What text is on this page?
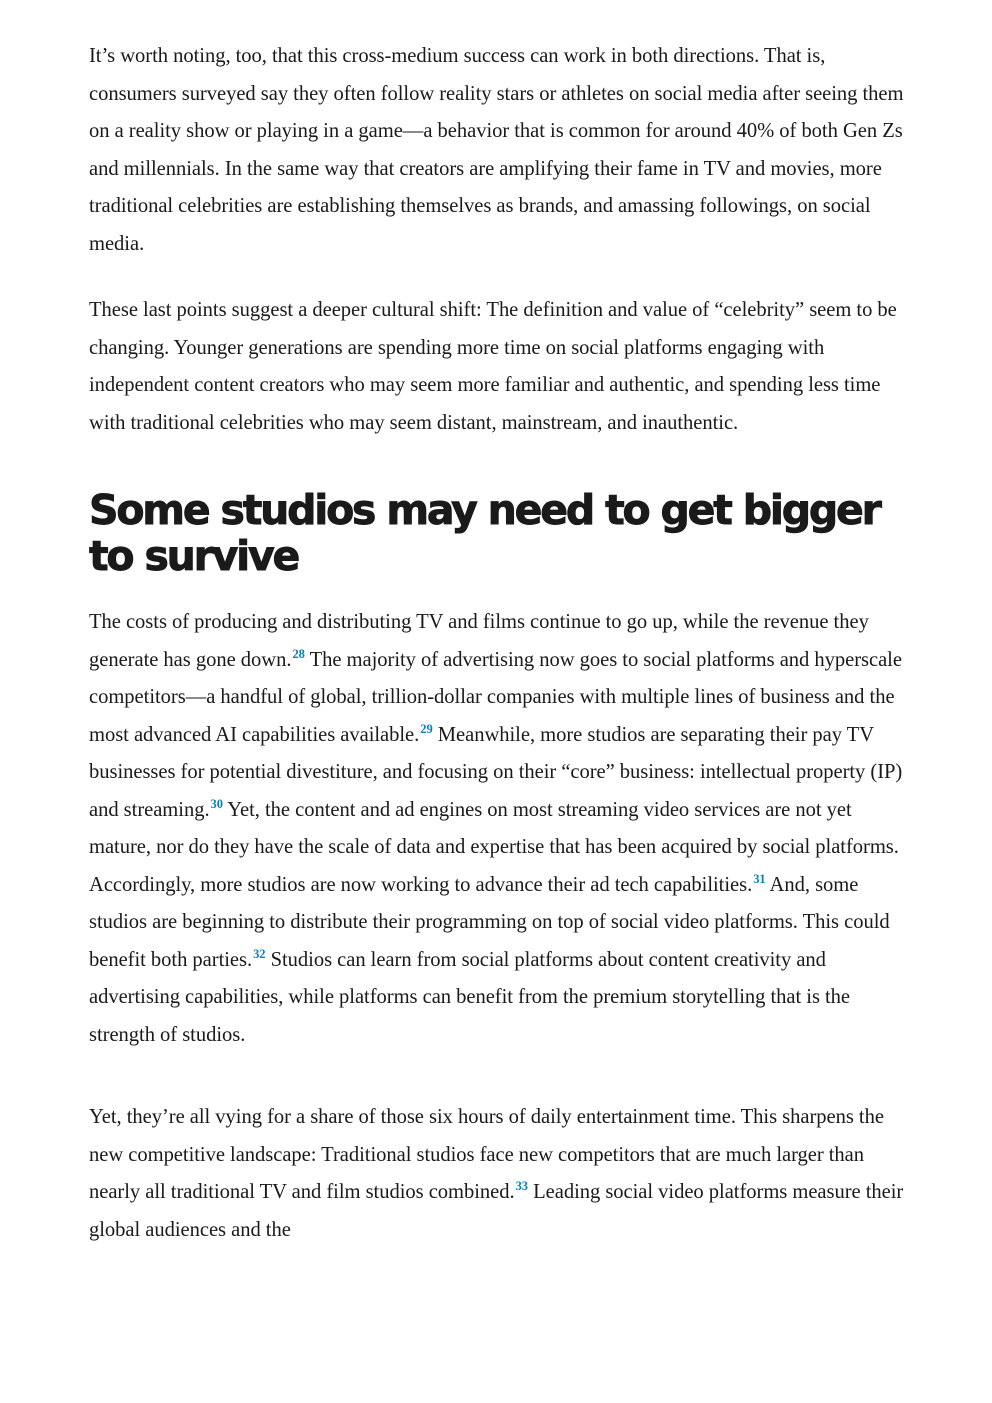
It’s worth noting, too, that this cross-medium success can work in both directions. That is, consumers surveyed say they often follow reality stars or athletes on social media after seeing them on a reality show or playing in a game—a behavior that is common for around 40% of both Gen Zs and millennials. In the same way that creators are amplifying their fame in TV and movies, more traditional celebrities are establishing themselves as brands, and amassing followings, on social media.

These last points suggest a deeper cultural shift: The definition and value of “celebrity” seem to be changing. Younger generations are spending more time on social platforms engaging with independent content creators who may seem more familiar and authentic, and spending less time with traditional celebrities who may seem distant, mainstream, and inauthentic.

Some studios may need to get bigger to survive

The costs of producing and distributing TV and films continue to go up, while the revenue they generate has gone down.$^{28}$ The majority of advertising now goes to social platforms and hyperscale competitors—a handful of global, trillion-dollar companies with multiple lines of business and the most advanced AI capabilities available.$^{29}$ Meanwhile, more studios are separating their pay TV businesses for potential divestiture, and focusing on their “core” business: intellectual property (IP) and streaming.$^{30}$ Yet, the content and ad engines on most streaming video services are not yet mature, nor do they have the scale of data and expertise that has been acquired by social platforms. Accordingly, more studios are now working to advance their ad tech capabilities.$^{31}$ And, some studios are beginning to distribute their programming on top of social video platforms. This could benefit both parties.$^{32}$ Studios can learn from social platforms about content creativity and advertising capabilities, while platforms can benefit from the premium storytelling that is the strength of studios.

Yet, they’re all vying for a share of those six hours of daily entertainment time. This sharpens the new competitive landscape: Traditional studios face new competitors that are much larger than nearly all traditional TV and film studios combined.$^{33}$ Leading social video platforms measure their global audiences and the
